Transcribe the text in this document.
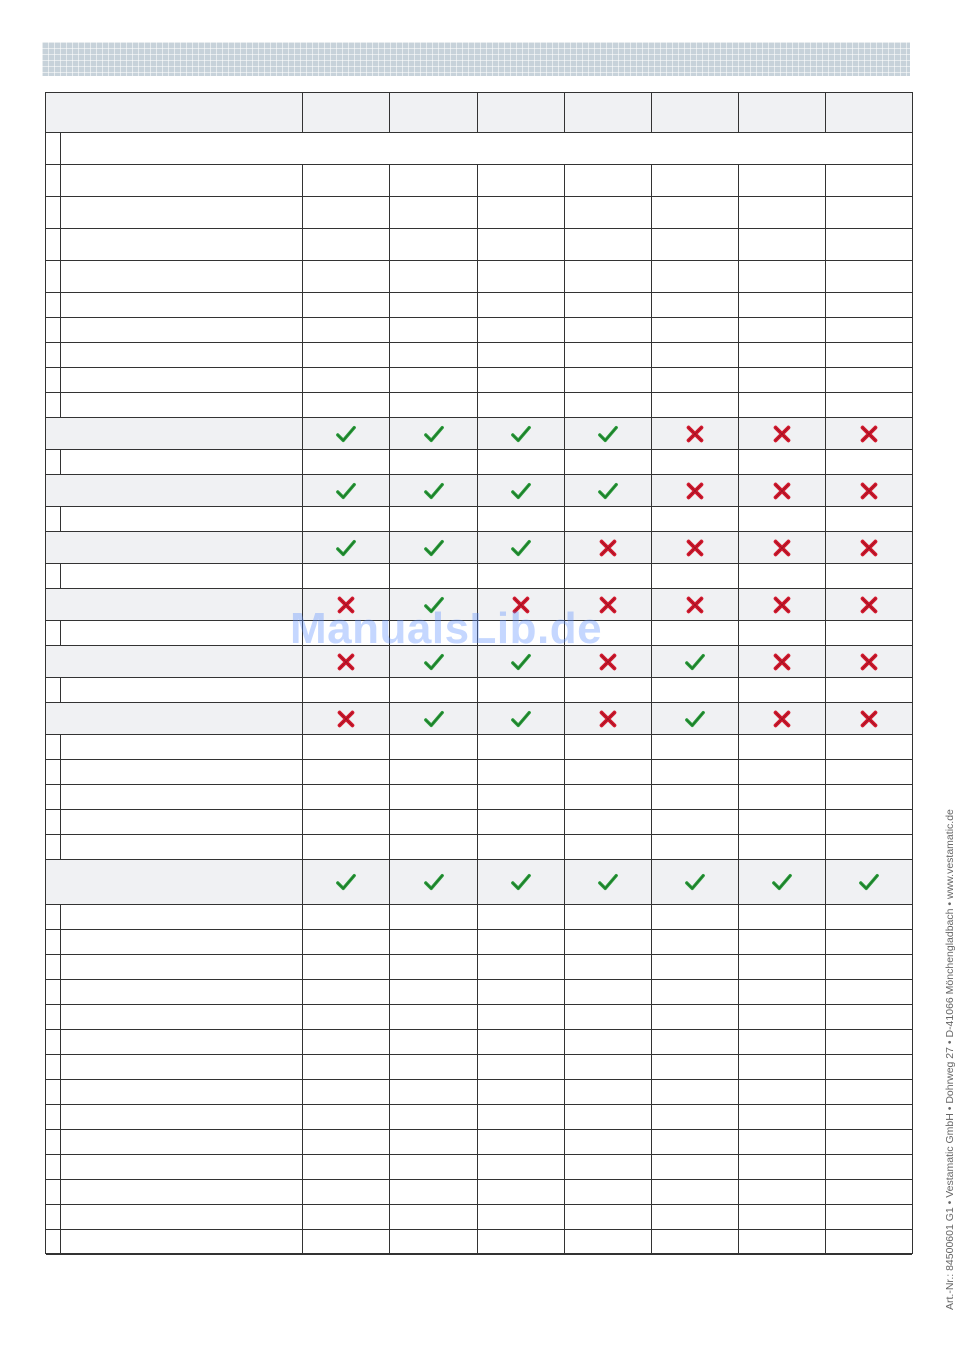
ManualsLib.de
Art.-Nr.: 84500601 G1 • Vestamatic GmbH • Dohrweg 27 • D-41066 Mönchengladbach • www.vestamatic.de
